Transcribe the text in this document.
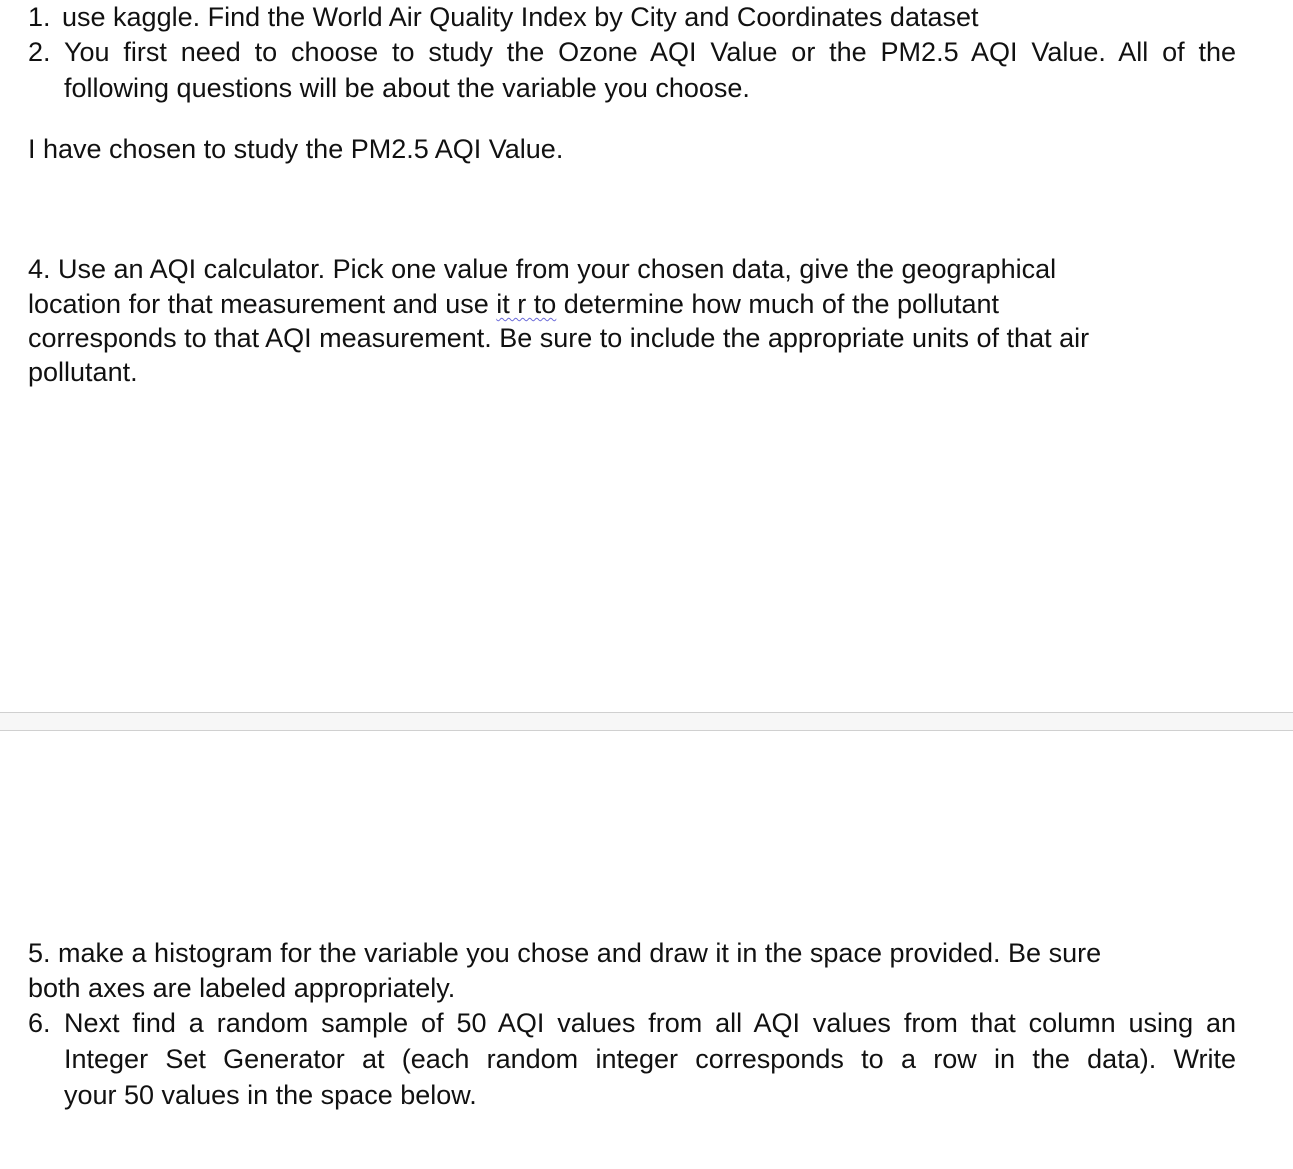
1. use kaggle. Find the World Air Quality Index by City and Coordinates dataset
2. You first need to choose to study the Ozone AQI Value or the PM2.5 AQI Value. All of the
following questions will be about the variable you choose.

I have chosen to study the PM2.5 AQI Value.

4. Use an AQI calculator. Pick one value from your chosen data, give the geographical
location for that measurement and use it r to determine how much of the pollutant
corresponds to that AQI measurement. Be sure to include the appropriate units of that air
pollutant.
5. make a histogram for the variable you chose and draw it in the space provided. Be sure
both axes are labeled appropriately.
6. Next find a random sample of 50 AQI values from all AQI values from that column using an
Integer Set Generator at (each random integer corresponds to a row in the data). Write
your 50 values in the space below.
